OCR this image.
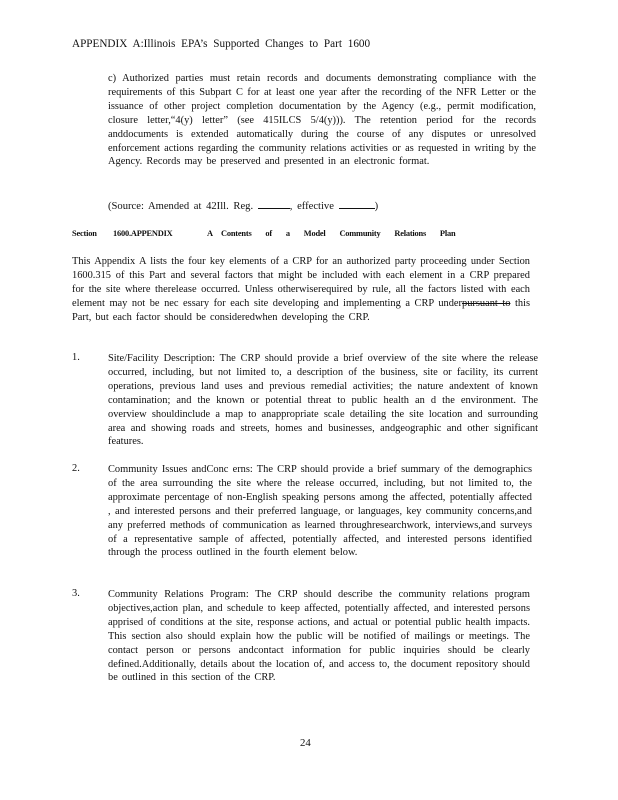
APPENDIX A:Illinois EPA’s Supported Changes to Part 1600
c) Authorized parties must retain records and documents demonstrating compliance with the requirements of this Subpart C for at least one year after the recording of the NFR Letter or the issuance of other project completion documentation by the Agency (e.g., permit modification, closure letter,“4(y) letter” (see 415ILCS 5/4(y))). The retention period for the records anddocuments is extended automatically during the course of any disputes or unresolved enforcement actions regarding the community relations activities or as requested in writing by the Agency. Records may be preserved and presented in an electronic format.
(Source: Amended at 42Ill. Reg.	, effective	)
Section 1600.APPENDIX	A Contents of a Model Community Relations Plan
This Appendix A lists the four key elements of a CRP for an authorized party proceeding under Section 1600.315 of this Part and several factors that might be included with each element in a CRP prepared for the site where therelease occurred. Unless otherwiserequired by rule, all the factors listed with each element may not be nec essary for each site developing and implementing a CRP underpursuant to this Part, but each factor should be consideredwhen developing the CRP.
1.	Site/Facility Description: The CRP should provide a brief overview of the site where the release occurred, including, but not limited to, a description of the business, site or facility, its current operations, previous land uses and previous remedial activities; the nature andextent of known contamination; and the known or potential threat to public health an d the environment. The overview shouldinclude a map to anappropriate scale detailing the site location and surrounding area and showing roads and streets, homes and businesses, andgeographic and other significant features.
2.	Community Issues andConc erns: The CRP should provide a brief summary of the demographics of the area surrounding the site where the release occurred, including, but not limited to, the approximate percentage of non-English speaking persons among the affected, potentially affected , and interested persons and their preferred language, or languages, key community concerns,and any preferred methods of communication as learned throughresearchwork, interviews,and surveys of a representative sample of affected, potentially affected, and interested persons identified through the process outlined in the fourth element below.
3.	Community Relations Program: The CRP should describe the community relations program objectives,action plan, and schedule to keep affected, potentially affected, and interested persons apprised of conditions at the site, response actions, and actual or potential public health impacts. This section also should explain how the public will be notified of mailings or meetings. The contact person or persons andcontact information for public inquiries should be clearly defined.Additionally, details about the location of, and access to, the document repository should be outlined in this section of the CRP.
24
